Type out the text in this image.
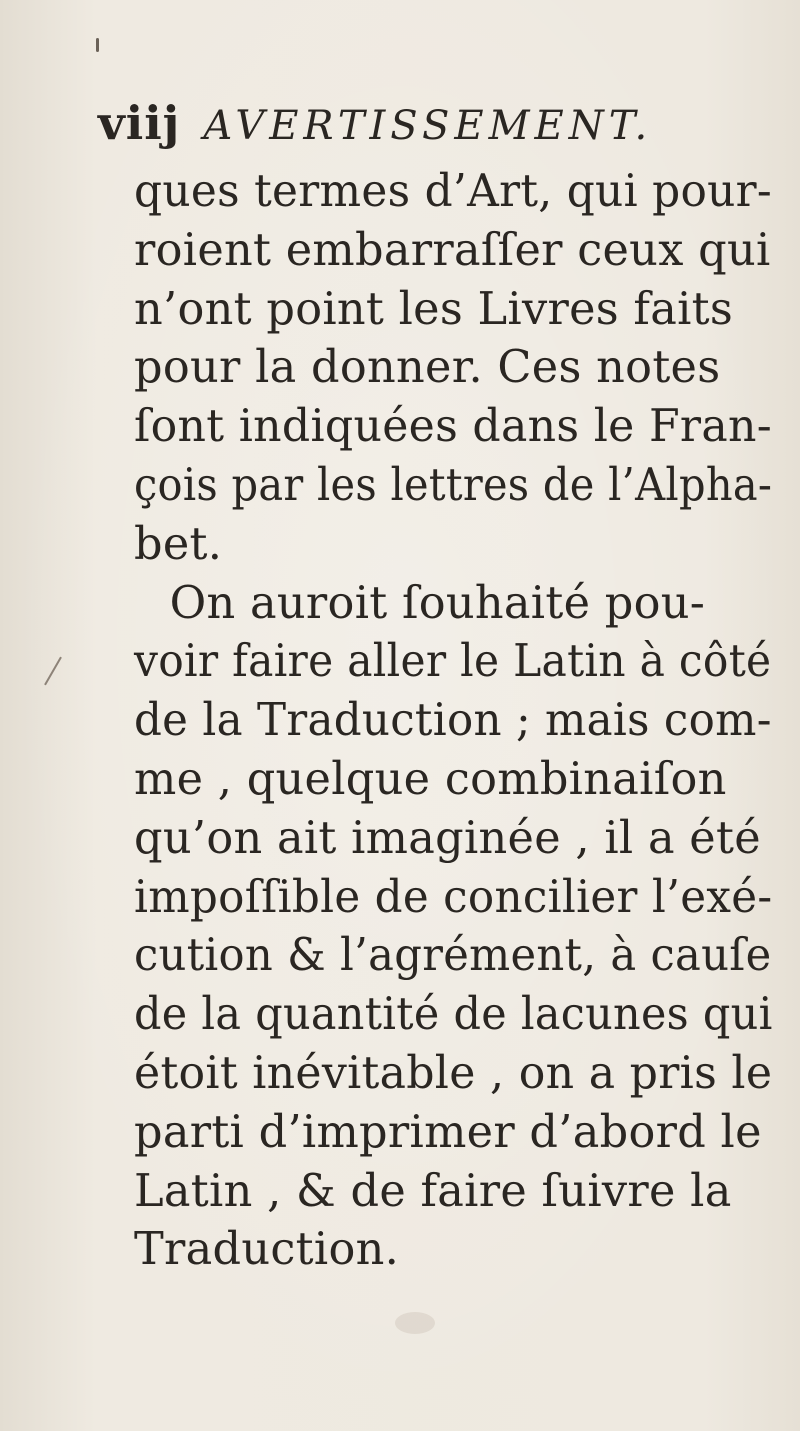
viij AVERTISSEMENT.
ques termes d’Art, qui pour-
roient embarraſſer ceux qui
n’ont point les Livres faits
pour la donner. Ces notes
ſont indiquées dans le Fran-
çois par les lettres de l’Alpha-
bet.
On auroit ſouhaité pou-
voir faire aller le Latin à côté
de la Traduction ; mais com-
me , quelque combinaiſon
qu’on ait imaginée , il a été
impoſſible de concilier l’exé-
cution & l’agrément, à cauſe
de la quantité de lacunes qui
étoit inévitable , on a pris le
parti d’imprimer d’abord le
Latin , & de faire ſuivre la
Traduction.
